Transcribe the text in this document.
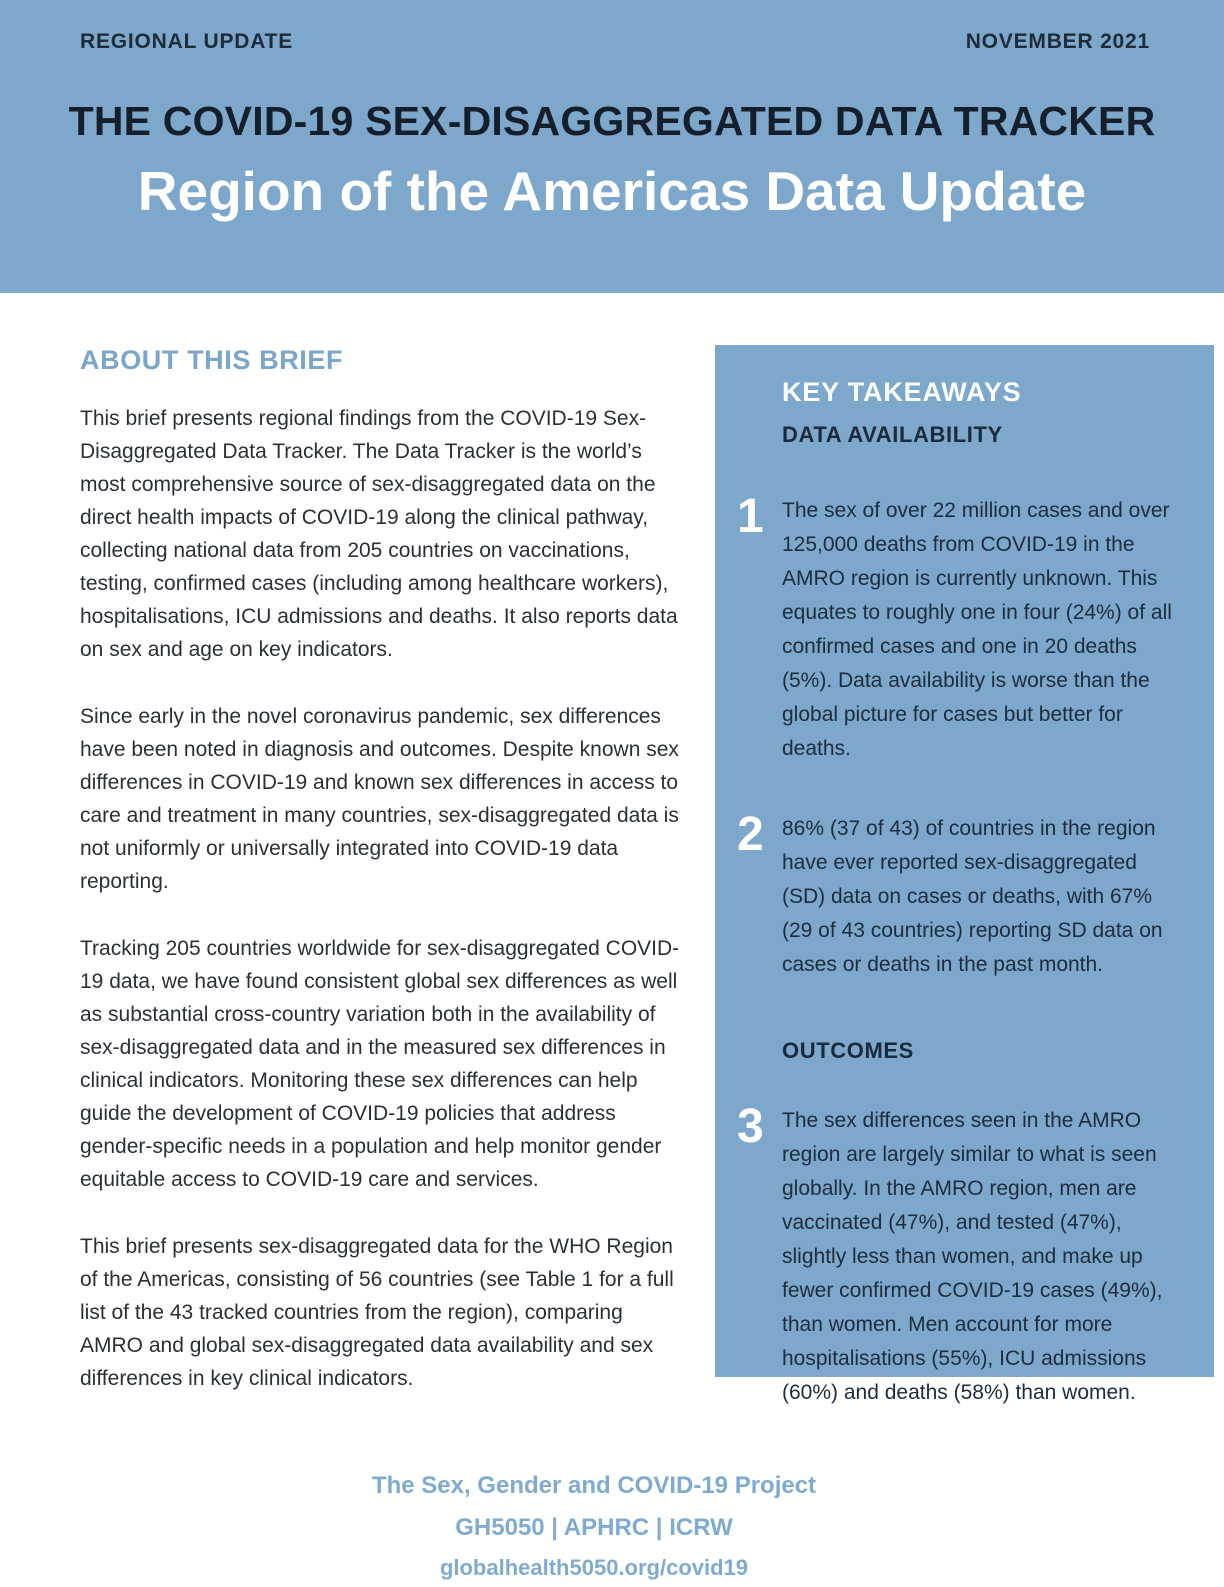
REGIONAL UPDATE	NOVEMBER 2021
THE COVID-19 SEX-DISAGGREGATED DATA TRACKER
Region of the Americas Data Update
ABOUT THIS BRIEF

This brief presents regional findings from the COVID-19 Sex-Disaggregated Data Tracker. The Data Tracker is the world’s most comprehensive source of sex-disaggregated data on the direct health impacts of COVID-19 along the clinical pathway, collecting national data from 205 countries on vaccinations, testing, confirmed cases (including among healthcare workers), hospitalisations, ICU admissions and deaths. It also reports data on sex and age on key indicators.

Since early in the novel coronavirus pandemic, sex differences have been noted in diagnosis and outcomes. Despite known sex differences in COVID-19 and known sex differences in access to care and treatment in many countries, sex-disaggregated data is not uniformly or universally integrated into COVID-19 data reporting.

Tracking 205 countries worldwide for sex-disaggregated COVID-19 data, we have found consistent global sex differences as well as substantial cross-country variation both in the availability of sex-disaggregated data and in the measured sex differences in clinical indicators. Monitoring these sex differences can help guide the development of COVID-19 policies that address gender-specific needs in a population and help monitor gender equitable access to COVID-19 care and services.

This brief presents sex-disaggregated data for the WHO Region of the Americas, consisting of 56 countries (see Table 1 for a full list of the 43 tracked countries from the region), comparing AMRO and global sex-disaggregated data availability and sex differences in key clinical indicators.

KEY TAKEAWAYS
DATA AVAILABILITY
1 The sex of over 22 million cases and over 125,000 deaths from COVID-19 in the AMRO region is currently unknown. This equates to roughly one in four (24%) of all confirmed cases and one in 20 deaths (5%). Data availability is worse than the global picture for cases but better for deaths.

2 86% (37 of 43) of countries in the region have ever reported sex-disaggregated (SD) data on cases or deaths, with 67% (29 of 43 countries) reporting SD data on cases or deaths in the past month.

OUTCOMES
3 The sex differences seen in the AMRO region are largely similar to what is seen globally. In the AMRO region, men are vaccinated (47%), and tested (47%), slightly less than women, and make up fewer confirmed COVID-19 cases (49%), than women. Men account for more hospitalisations (55%), ICU admissions (60%) and deaths (58%) than women.

The Sex, Gender and COVID-19 Project
GH5050 | APHRC | ICRW
globalhealth5050.org/covid19
